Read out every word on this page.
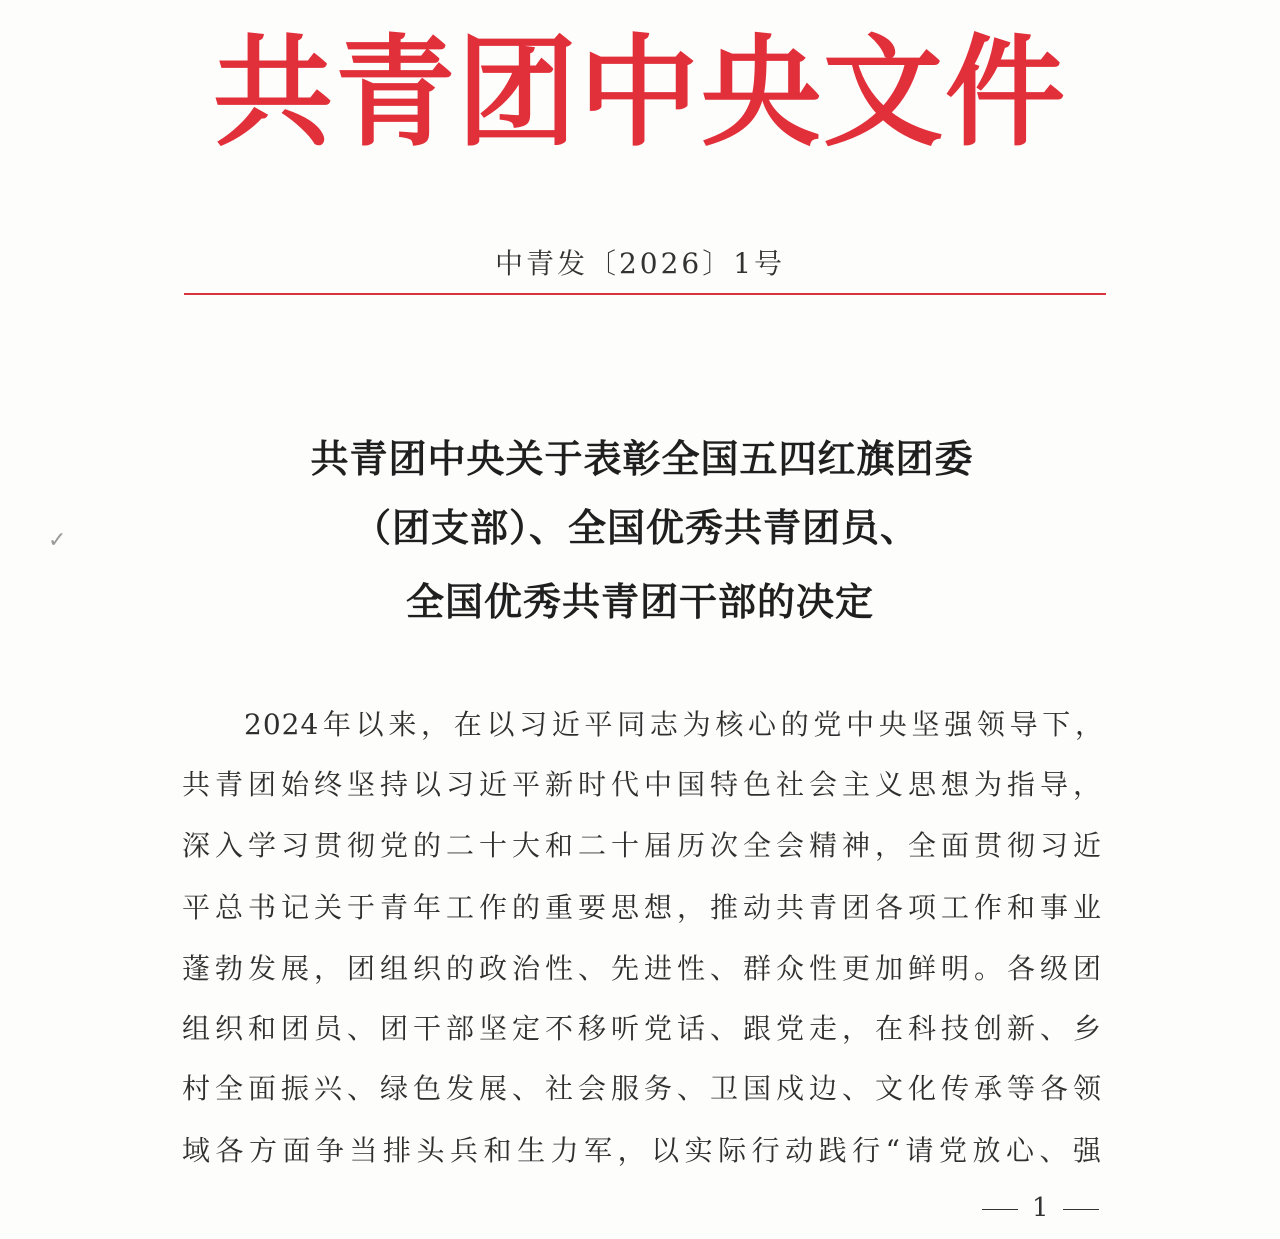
共青团中央文件
中青发〔2026〕1号
共青团中央关于表彰全国五四红旗团委
（团支部）、全国优秀共青团员、
全国优秀共青团干部的决定
✓
2024年以来，在以习近平同志为核心的党中央坚强领导下，
共青团始终坚持以习近平新时代中国特色社会主义思想为指导，
深入学习贯彻党的二十大和二十届历次全会精神，全面贯彻习近
平总书记关于青年工作的重要思想，推动共青团各项工作和事业
蓬勃发展，团组织的政治性、先进性、群众性更加鲜明。各级团
组织和团员、团干部坚定不移听党话、跟党走，在科技创新、乡
村全面振兴、绿色发展、社会服务、卫国戍边、文化传承等各领
域各方面争当排头兵和生力军，以实际行动践行“请党放心、强
1
